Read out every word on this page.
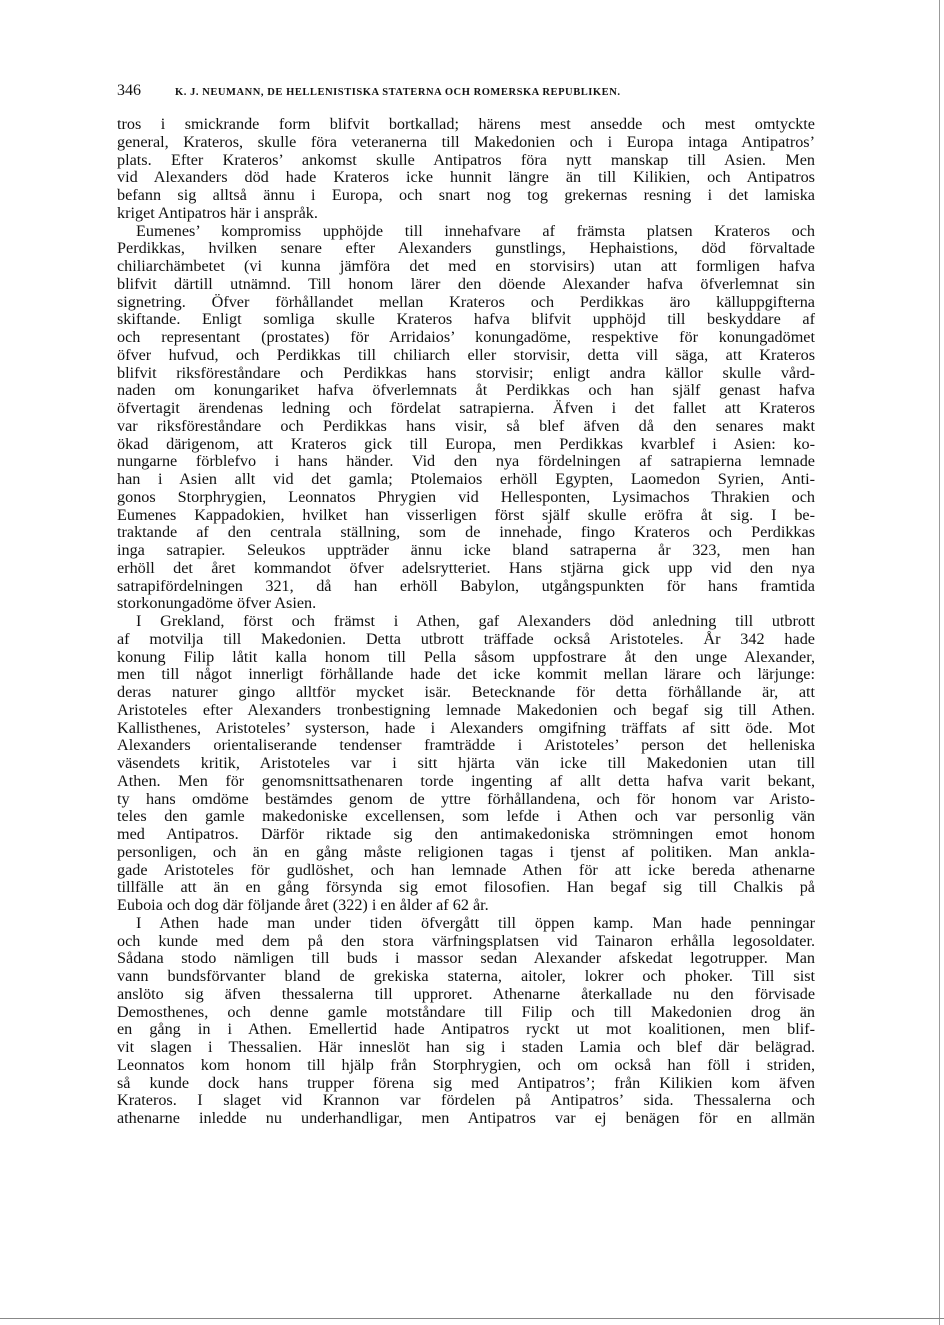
346	K. J. NEUMANN, DE HELLENISTISKA STATERNA OCH ROMERSKA REPUBLIKEN.
tros i smickrande form blifvit bortkallad; härens mest ansedde och mest omtyckte
general, Krateros, skulle föra veteranerna till Makedonien och i Europa intaga Antipatros’
plats. Efter Krateros’ ankomst skulle Antipatros föra nytt manskap till Asien. Men
vid Alexanders död hade Krateros icke hunnit längre än till Kilikien, och Antipatros
befann sig alltså ännu i Europa, och snart nog tog grekernas resning i det lamiska
kriget Antipatros här i anspråk.
Eumenes’ kompromiss upphöjde till innehafvare af främsta platsen Krateros och
Perdikkas, hvilken senare efter Alexanders gunstlings, Hephaistions, död förvaltade
chiliarchämbetet (vi kunna jämföra det med en storvisirs) utan att formligen hafva
blifvit därtill utnämnd. Till honom lärer den döende Alexander hafva öfverlemnat sin
signetring. Öfver förhållandet mellan Krateros och Perdikkas äro källuppgifterna
skiftande. Enligt somliga skulle Krateros hafva blifvit upphöjd till beskyddare af
och representant (prostates) för Arridaios’ konungadöme, respektive för konungadömet
öfver hufvud, och Perdikkas till chiliarch eller storvisir, detta vill säga, att Krateros
blifvit riksföreståndare och Perdikkas hans storvisir; enligt andra källor skulle vård-
naden om konungariket hafva öfverlemnats åt Perdikkas och han själf genast hafva
öfvertagit ärendenas ledning och fördelat satrapierna. Äfven i det fallet att Krateros
var riksföreståndare och Perdikkas hans visir, så blef äfven då den senares makt
ökad därigenom, att Krateros gick till Europa, men Perdikkas kvarblef i Asien: ko-
nungarne förblefvo i hans händer. Vid den nya fördelningen af satrapierna lemnade
han i Asien allt vid det gamla; Ptolemaios erhöll Egypten, Laomedon Syrien, Anti-
gonos Storphrygien, Leonnatos Phrygien vid Hellesponten, Lysimachos Thrakien och
Eumenes Kappadokien, hvilket han visserligen först själf skulle eröfra åt sig. I be-
traktande af den centrala ställning, som de innehade, fingo Krateros och Perdikkas
inga satrapier. Seleukos uppträder ännu icke bland satraperna år 323, men han
erhöll det året kommandot öfver adelsrytteriet. Hans stjärna gick upp vid den nya
satrapifördelningen 321, då han erhöll Babylon, utgångspunkten för hans framtida
storkonungadöme öfver Asien.
I Grekland, först och främst i Athen, gaf Alexanders död anledning till utbrott
af motvilja till Makedonien. Detta utbrott träffade också Aristoteles. År 342 hade
konung Filip låtit kalla honom till Pella såsom uppfostrare åt den unge Alexander,
men till något innerligt förhållande hade det icke kommit mellan lärare och lärjunge:
deras naturer gingo alltför mycket isär. Betecknande för detta förhållande är, att
Aristoteles efter Alexanders tronbestigning lemnade Makedonien och begaf sig till Athen.
Kallisthenes, Aristoteles’ systerson, hade i Alexanders omgifning träffats af sitt öde. Mot
Alexanders orientaliserande tendenser framträdde i Aristoteles’ person det helleniska
väsendets kritik, Aristoteles var i sitt hjärta vän icke till Makedonien utan till
Athen. Men för genomsnittsathenaren torde ingenting af allt detta hafva varit bekant,
ty hans omdöme bestämdes genom de yttre förhållandena, och för honom var Aristo-
teles den gamle makedoniske excellensen, som lefde i Athen och var personlig vän
med Antipatros. Därför riktade sig den antimakedoniska strömningen emot honom
personligen, och än en gång måste religionen tagas i tjenst af politiken. Man ankla-
gade Aristoteles för gudlöshet, och han lemnade Athen för att icke bereda athenarne
tillfälle att än en gång försynda sig emot filosofien. Han begaf sig till Chalkis på
Euboia och dog där följande året (322) i en ålder af 62 år.
I Athen hade man under tiden öfvergått till öppen kamp. Man hade penningar
och kunde med dem på den stora värfningsplatsen vid Tainaron erhålla legosoldater.
Sådana stodo nämligen till buds i massor sedan Alexander afskedat legotrupper. Man
vann bundsförvanter bland de grekiska staterna, aitoler, lokrer och phoker. Till sist
anslöto sig äfven thessalerna till upproret. Athenarne återkallade nu den förvisade
Demosthenes, och denne gamle motståndare till Filip och till Makedonien drog än
en gång in i Athen. Emellertid hade Antipatros ryckt ut mot koalitionen, men blif-
vit slagen i Thessalien. Här inneslöt han sig i staden Lamia och blef där belägrad.
Leonnatos kom honom till hjälp från Storphrygien, och om också han föll i striden,
så kunde dock hans trupper förena sig med Antipatros’; från Kilikien kom äfven
Krateros. I slaget vid Krannon var fördelen på Antipatros’ sida. Thessalerna och
athenarne inledde nu underhandligar, men Antipatros var ej benägen för en allmän
